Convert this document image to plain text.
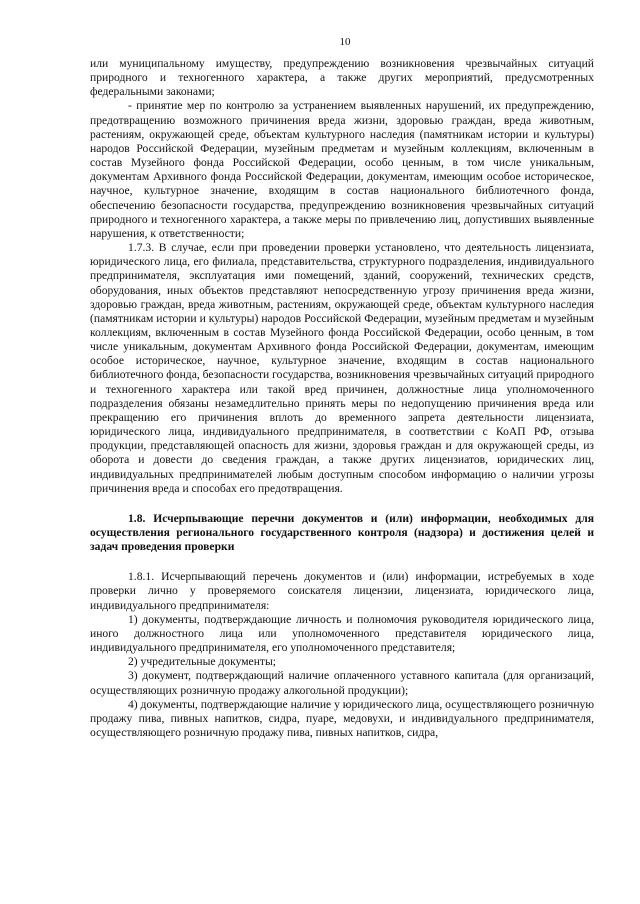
10

или муниципальному имуществу, предупреждению возникновения чрезвычайных ситуаций природного и техногенного характера, а также других мероприятий, предусмотренных федеральными законами;

- принятие мер по контролю за устранением выявленных нарушений, их предупреждению, предотвращению возможного причинения вреда жизни, здоровью граждан, вреда животным, растениям, окружающей среде, объектам культурного наследия (памятникам истории и культуры) народов Российской Федерации, музейным предметам и музейным коллекциям, включенным в состав Музейного фонда Российской Федерации, особо ценным, в том числе уникальным, документам Архивного фонда Российской Федерации, документам, имеющим особое историческое, научное, культурное значение, входящим в состав национального библиотечного фонда, обеспечению безопасности государства, предупреждению возникновения чрезвычайных ситуаций природного и техногенного характера, а также меры по привлечению лиц, допустивших выявленные нарушения, к ответственности;

1.7.3. В случае, если при проведении проверки установлено, что деятельность лицензиата, юридического лица, его филиала, представительства, структурного подразделения, индивидуального предпринимателя, эксплуатация ими помещений, зданий, сооружений, технических средств, оборудования, иных объектов представляют непосредственную угрозу причинения вреда жизни, здоровью граждан, вреда животным, растениям, окружающей среде, объектам культурного наследия (памятникам истории и культуры) народов Российской Федерации, музейным предметам и музейным коллекциям, включенным в состав Музейного фонда Российской Федерации, особо ценным, в том числе уникальным, документам Архивного фонда Российской Федерации, документам, имеющим особое историческое, научное, культурное значение, входящим в состав национального библиотечного фонда, безопасности государства, возникновения чрезвычайных ситуаций природного и техногенного характера или такой вред причинен, должностные лица уполномоченного подразделения обязаны незамедлительно принять меры по недопущению причинения вреда или прекращению его причинения вплоть до временного запрета деятельности лицензиата, юридического лица, индивидуального предпринимателя, в соответствии с КоАП РФ, отзыва продукции, представляющей опасность для жизни, здоровья граждан и для окружающей среды, из оборота и довести до сведения граждан, а также других лицензиатов, юридических лиц, индивидуальных предпринимателей любым доступным способом информацию о наличии угрозы причинения вреда и способах его предотвращения.

1.8. Исчерпывающие перечни документов и (или) информации, необходимых для осуществления регионального государственного контроля (надзора) и достижения целей и задач проведения проверки

1.8.1. Исчерпывающий перечень документов и (или) информации, истребуемых в ходе проверки лично у проверяемого соискателя лицензии, лицензиата, юридического лица, индивидуального предпринимателя:

1) документы, подтверждающие личность и полномочия руководителя юридического лица, иного должностного лица или уполномоченного представителя юридического лица, индивидуального предпринимателя, его уполномоченного представителя;

2) учредительные документы;

3) документ, подтверждающий наличие оплаченного уставного капитала (для организаций, осуществляющих розничную продажу алкогольной продукции);

4) документы, подтверждающие наличие у юридического лица, осуществляющего розничную продажу пива, пивных напитков, сидра, пуаре, медовухи, и индивидуального предпринимателя, осуществляющего розничную продажу пива, пивных напитков, сидра,
